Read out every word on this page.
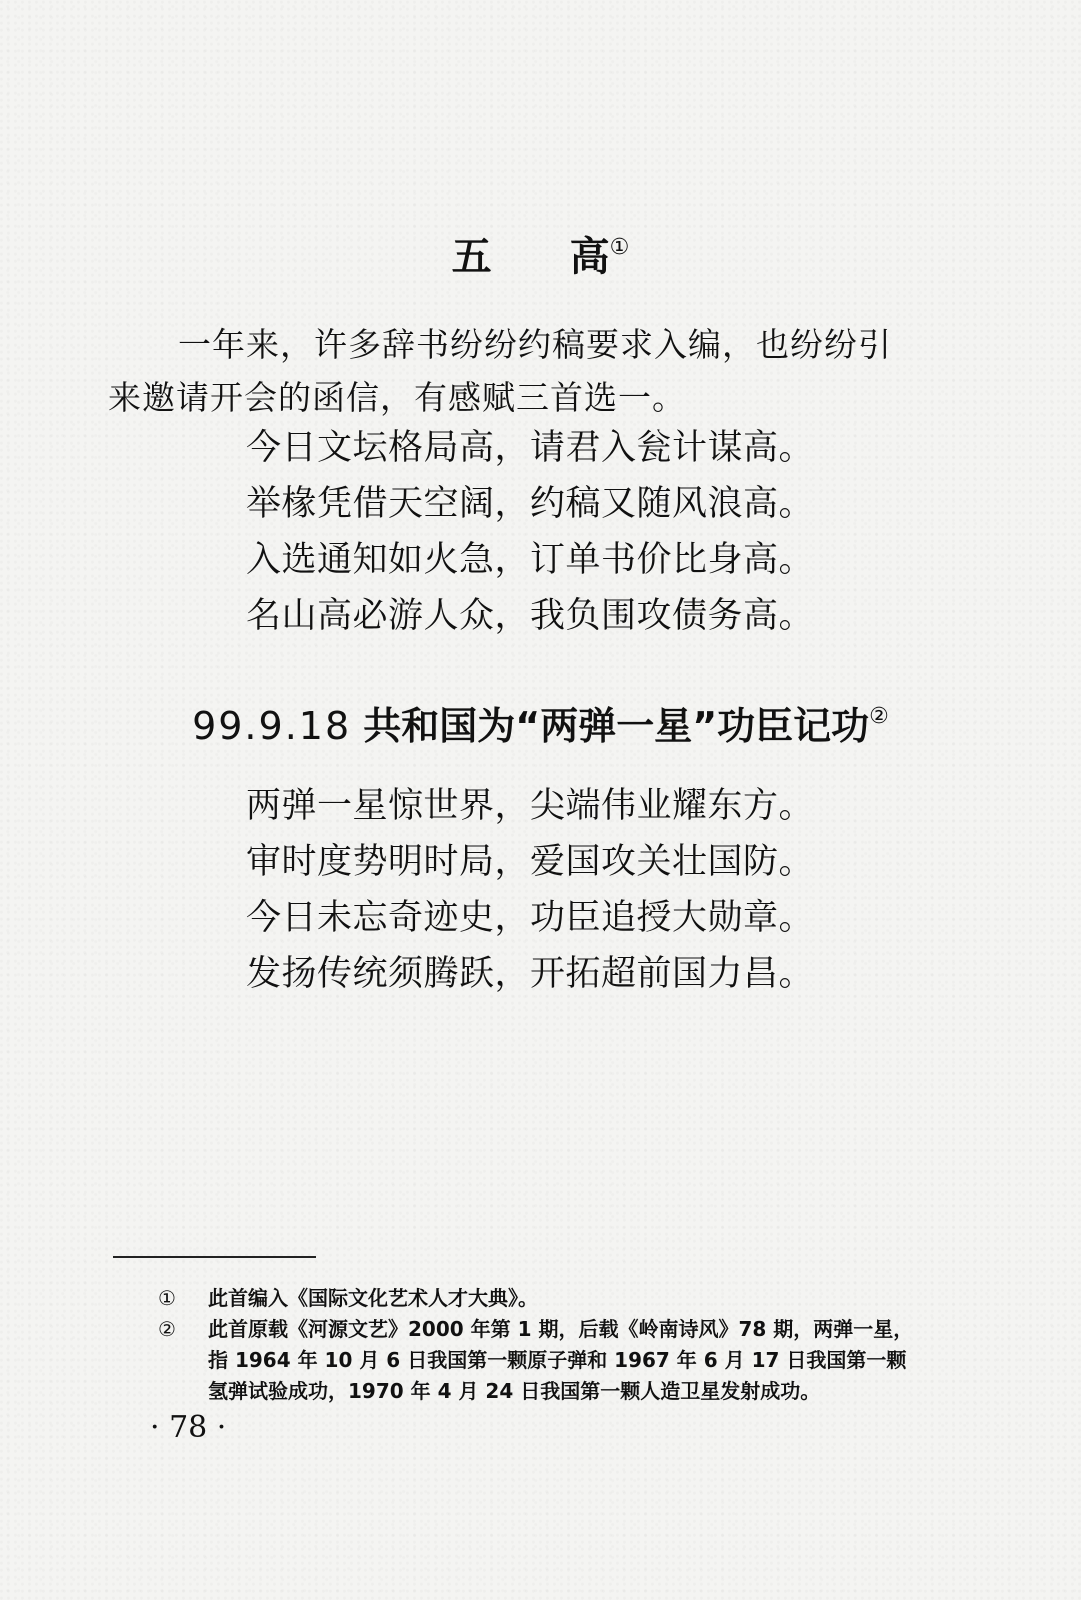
五 高①
一年来，许多辞书纷纷约稿要求入编，也纷纷引
来邀请开会的函信，有感赋三首选一。
今日文坛格局高，请君入瓮计谋高。
举椽凭借天空阔，约稿又随风浪高。
入选通知如火急，订单书价比身高。
名山高必游人众，我负围攻债务高。
99.9.18 共和国为“两弹一星”功臣记功②
两弹一星惊世界，尖端伟业耀东方。
审时度势明时局，爱国攻关壮国防。
今日未忘奇迹史，功臣追授大勋章。
发扬传统须腾跃，开拓超前国力昌。
① 此首编入《国际文化艺术人才大典》。
② 此首原载《河源文艺》2000 年第 1 期，后载《岭南诗风》78 期，两弹一星，
指 1964 年 10 月 6 日我国第一颗原子弹和 1967 年 6 月 17 日我国第一颗
氢弹试验成功，1970 年 4 月 24 日我国第一颗人造卫星发射成功。
· 78 ·
